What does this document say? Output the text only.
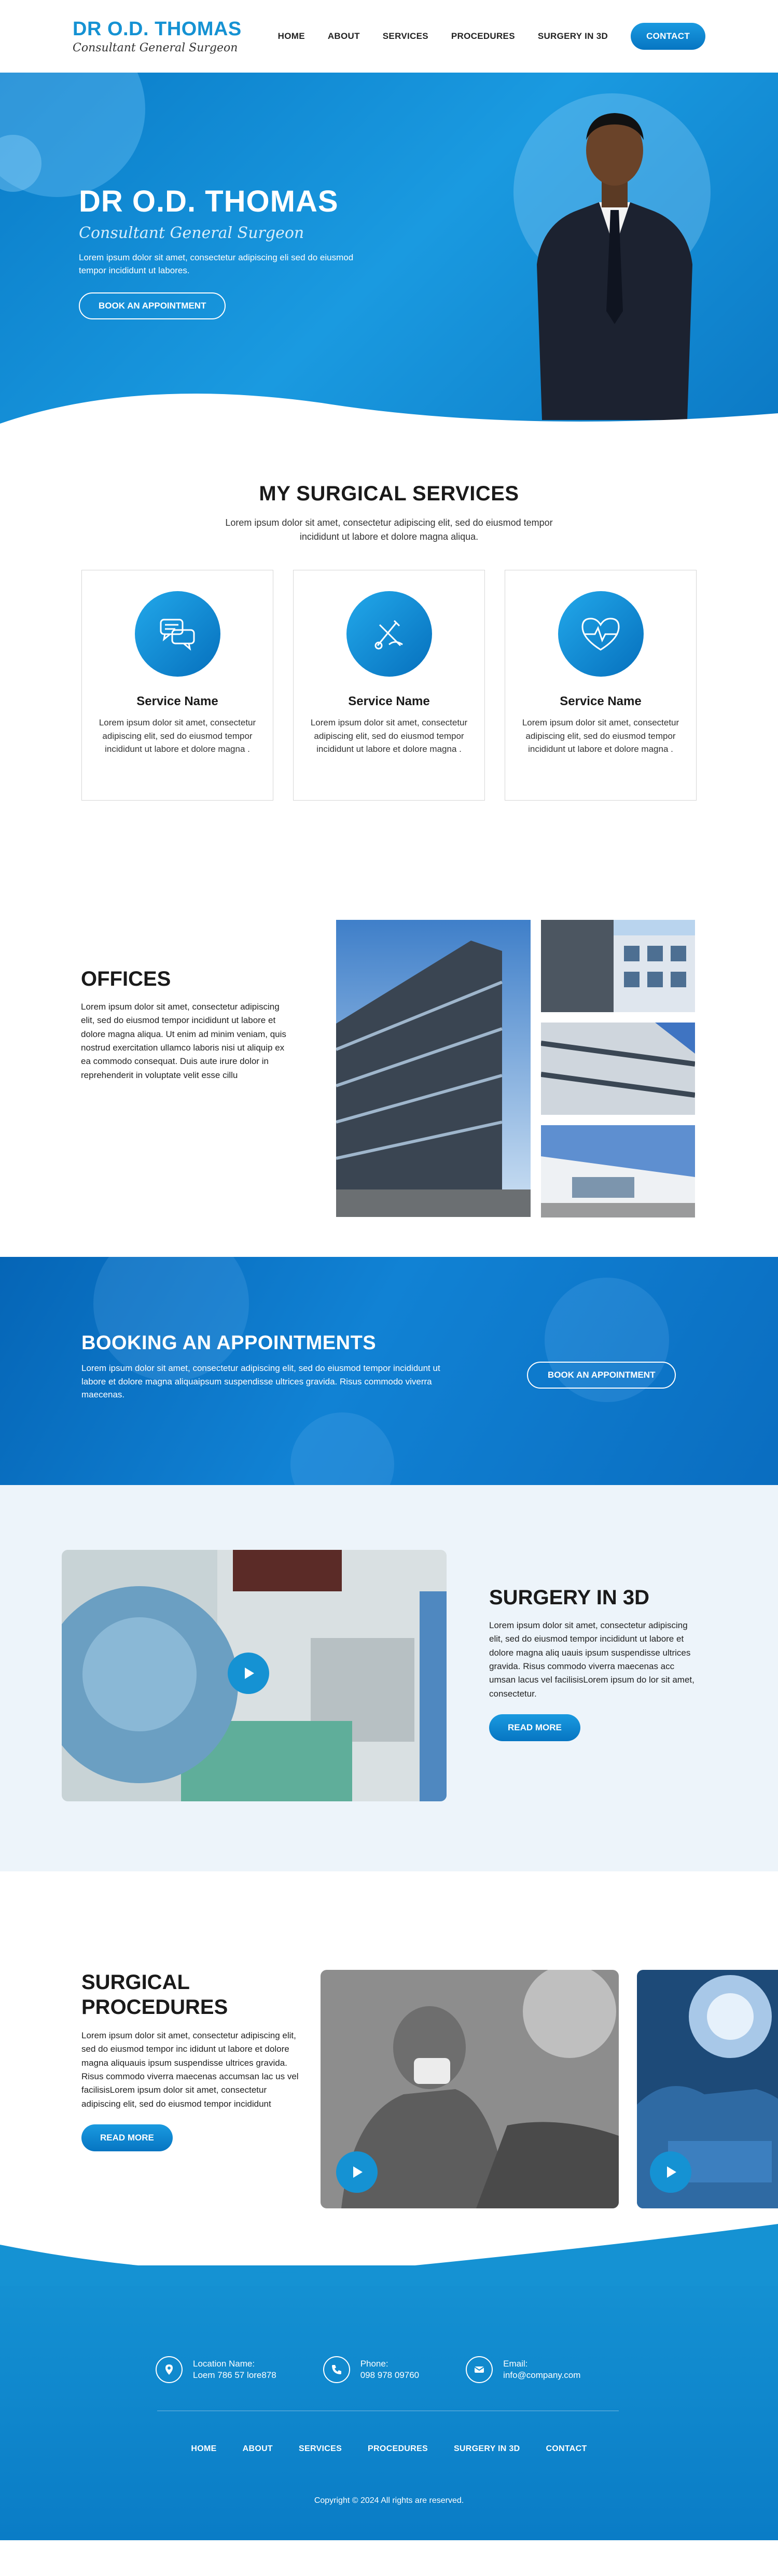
DR O.D. THOMAS
Consultant General Surgeon
HOME	ABOUT	SERVICES	PROCEDURES	SURGERY IN 3D	CONTACT
DR O.D. THOMAS
Consultant General Surgeon

Lorem ipsum dolor sit amet, consectetur adipiscing eli sed do eiusmod tempor incididunt ut labores.

BOOK AN APPOINTMENT
MY SURGICAL SERVICES

Lorem ipsum dolor sit amet, consectetur adipiscing elit, sed do eiusmod tempor incididunt ut labore et dolore magna aliqua.

Service Name

Lorem ipsum dolor sit amet, consectetur adipiscing elit, sed do eiusmod tempor incididunt ut labore et dolore magna .

Service Name

Lorem ipsum dolor sit amet, consectetur adipiscing elit, sed do eiusmod tempor incididunt ut labore et dolore magna .

Service Name

Lorem ipsum dolor sit amet, consectetur adipiscing elit, sed do eiusmod tempor incididunt ut labore et dolore magna .

OFFICES

Lorem ipsum dolor sit amet, consectetur adipiscing elit, sed do eiusmod tempor incididunt ut labore et dolore magna aliqua. Ut enim ad minim veniam, quis nostrud exercitation ullamco laboris nisi ut aliquip ex ea commodo consequat. Duis aute irure dolor in reprehenderit in voluptate velit esse cillu

BOOKING AN APPOINTMENTS

Lorem ipsum dolor sit amet, consectetur adipiscing elit, sed do eiusmod tempor incididunt ut labore et dolore magna aliquaipsum suspendisse ultrices gravida. Risus commodo viverra maecenas.

BOOK AN APPOINTMENT
SURGERY IN 3D

Lorem ipsum dolor sit amet, consectetur adipiscing elit, sed do eiusmod tempor incididunt ut labore et dolore magna aliq uauis ipsum suspendisse ultrices gravida. Risus commodo viverra maecenas acc umsan lacus vel facilisisLorem ipsum do lor sit amet, consectetur.

READ MORE
SURGICAL PROCEDURES

Lorem ipsum dolor sit amet, consectetur adipiscing elit, sed do eiusmod tempor inc ididunt ut labore et dolore magna aliquauis ipsum suspendisse ultrices gravida. Risus commodo viverra maecenas accumsan lac us vel facilisisLorem ipsum dolor sit amet, consectetur adipiscing elit, sed do eiusmod tempor incididunt

READ MORE
Location Name:
Loem 786 57 lore878
Phone:
098 978 09760
Email:
info@company.com
HOME	ABOUT	SERVICES	PROCEDURES	SURGERY IN 3D	CONTACT
Copyright © 2024 All rights are reserved.
